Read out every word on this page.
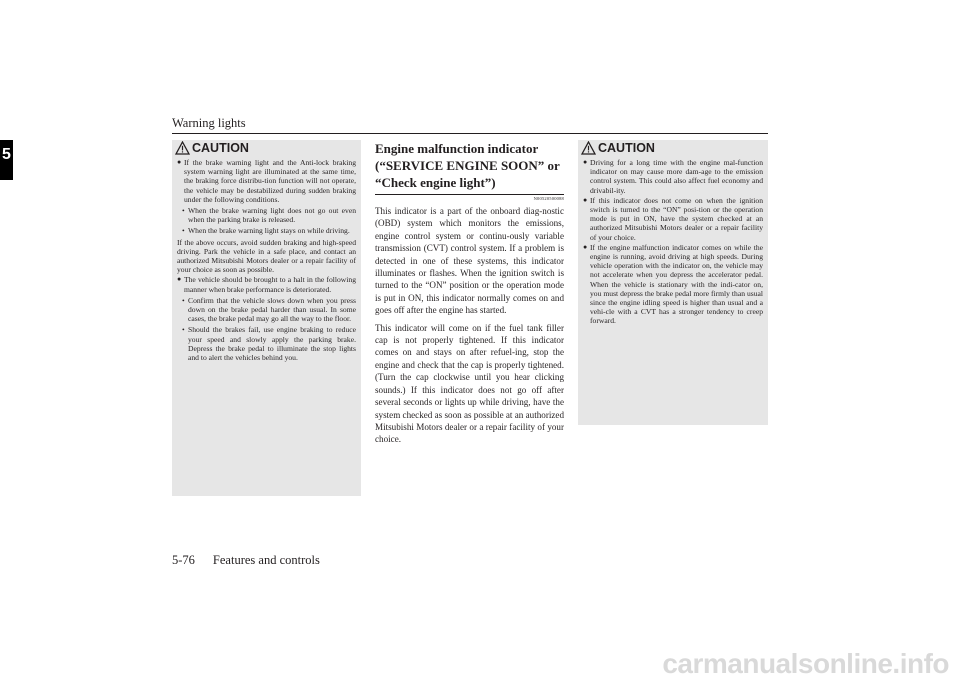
Warning lights
5	CAUTION
● If the brake warning light and the Anti-lock braking system warning light are illuminated at the same time, the braking force distribu-tion function will not operate, the vehicle may be destabilized during sudden braking under the following conditions.
• When the brake warning light does not go out even when the parking brake is released.
• When the brake warning light stays on while driving.
If the above occurs, avoid sudden braking and high-speed driving. Park the vehicle in a safe place, and contact an authorized Mitsubishi Motors dealer or a repair facility of your choice as soon as possible.
● The vehicle should be brought to a halt in the following manner when brake performance is deteriorated.
• Confirm that the vehicle slows down when you press down on the brake pedal harder than usual. In some cases, the brake pedal may go all the way to the floor.
• Should the brakes fail, use engine braking to reduce your speed and slowly apply the parking brake. Depress the brake pedal to illuminate the stop lights and to alert the vehicles behind you.
Engine malfunction indicator (“SERVICE ENGINE SOON” or “Check engine light”)
N00520500088

This indicator is a part of the onboard diag-nostic (OBD) system which monitors the emissions, engine control system or continu-ously variable transmission (CVT) control system. If a problem is detected in one of these systems, this indicator illuminates or flashes. When the ignition switch is turned to the “ON” position or the operation mode is put in ON, this indicator normally comes on and goes off after the engine has started.

This indicator will come on if the fuel tank filler cap is not properly tightened. If this indicator comes on and stays on after refuel-ing, stop the engine and check that the cap is properly tightened. (Turn the cap clockwise until you hear clicking sounds.) If this indicator does not go off after several seconds or lights up while driving, have the system checked as soon as possible at an authorized Mitsubishi Motors dealer or a repair facility of your choice.

CAUTION
● Driving for a long time with the engine mal-function indicator on may cause more dam-age to the emission control system. This could also affect fuel economy and drivabil-ity.
● If this indicator does not come on when the ignition switch is turned to the “ON” posi-tion or the operation mode is put in ON, have the system checked at an authorized Mitsubishi Motors dealer or a repair facility of your choice.
● If the engine malfunction indicator comes on while the engine is running, avoid driving at high speeds. During vehicle operation with the indicator on, the vehicle may not accelerate when you depress the accelerator pedal. When the vehicle is stationary with the indi-cator on, you must depress the brake pedal more firmly than usual since the engine idling speed is higher than usual and a vehi-cle with a CVT has a stronger tendency to creep forward.
5-76 Features and controls
carmanualsonline.info
